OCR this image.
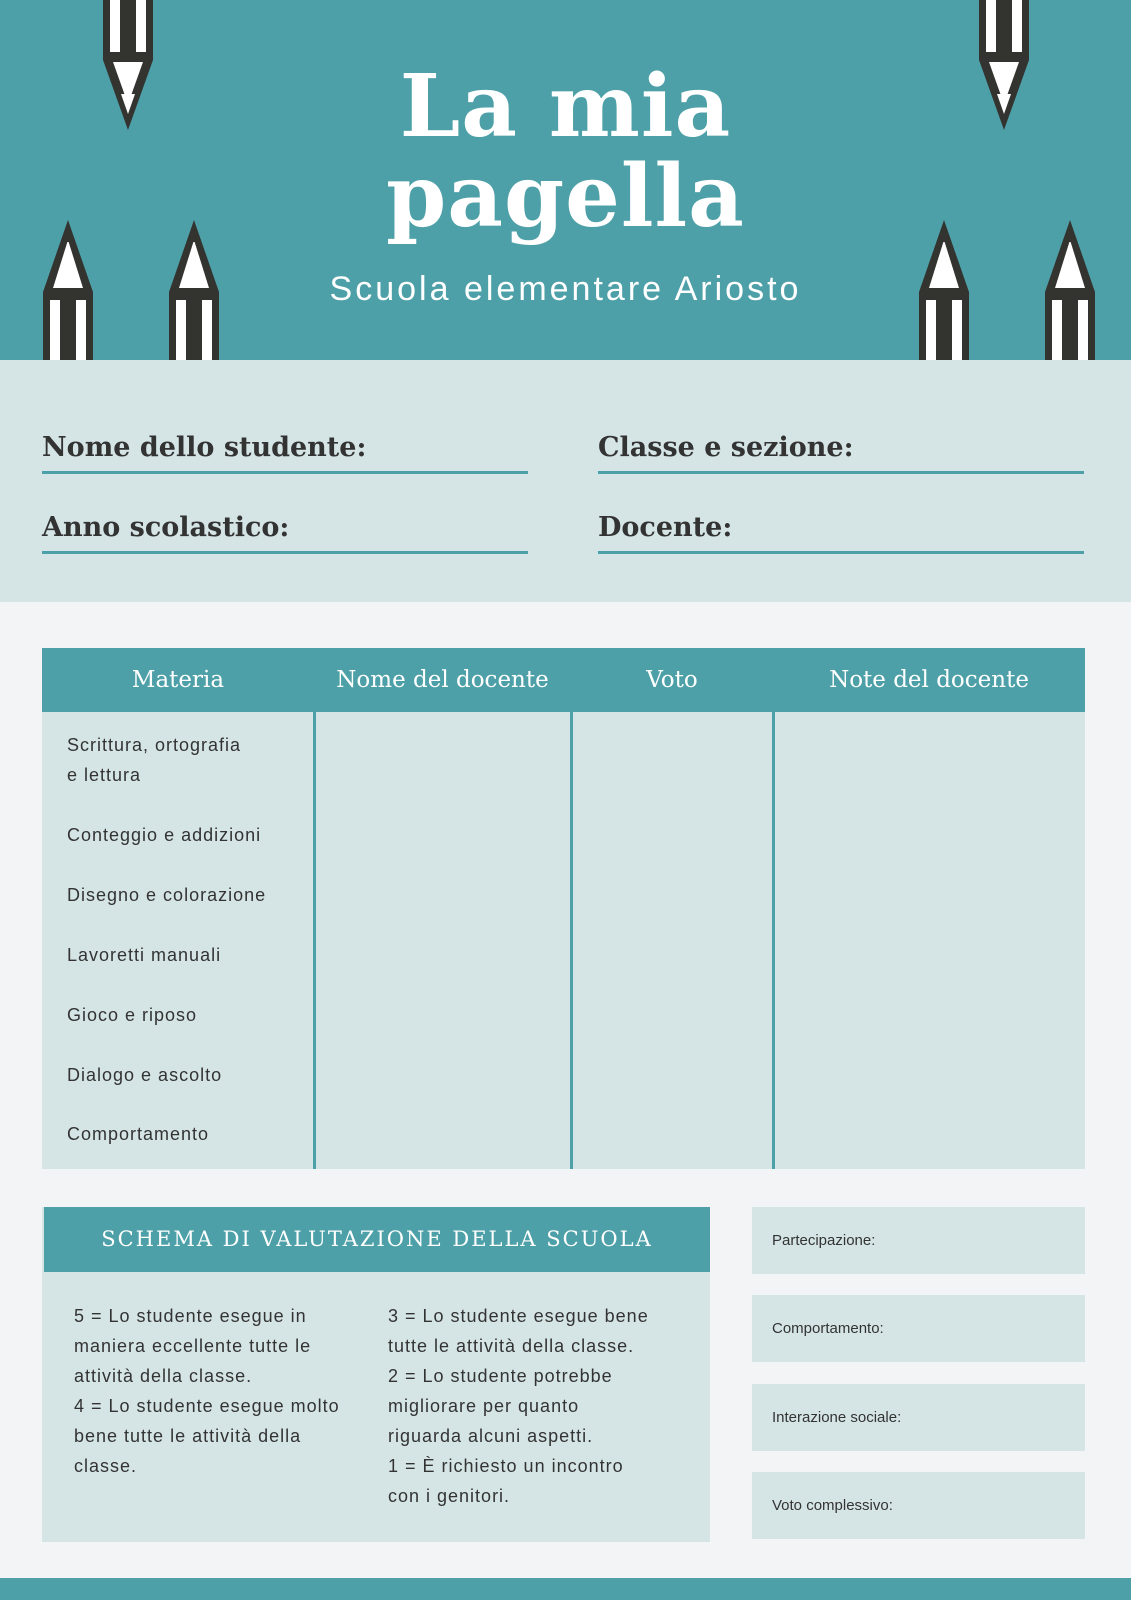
La mia
pagella
Scuola elementare Ariosto
Nome dello studente:	Classe e sezione:
Anno scolastico:	Docente:
Materia	Nome del docente	Voto	Note del docente
Scrittura, ortografia
e lettura
Conteggio e addizioni
Disegno e colorazione
Lavoretti manuali
Gioco e riposo
Dialogo e ascolto
Comportamento
SCHEMA DI VALUTAZIONE DELLA SCUOLA
5 = Lo studente esegue in
maniera eccellente tutte le
attività della classe.
4 = Lo studente esegue molto
bene tutte le attività della
classe.
3 = Lo studente esegue bene
tutte le attività della classe.
2 = Lo studente potrebbe
migliorare per quanto
riguarda alcuni aspetti.
1 = È richiesto un incontro
con i genitori.
Partecipazione:
Comportamento:
Interazione sociale:
Voto complessivo:
